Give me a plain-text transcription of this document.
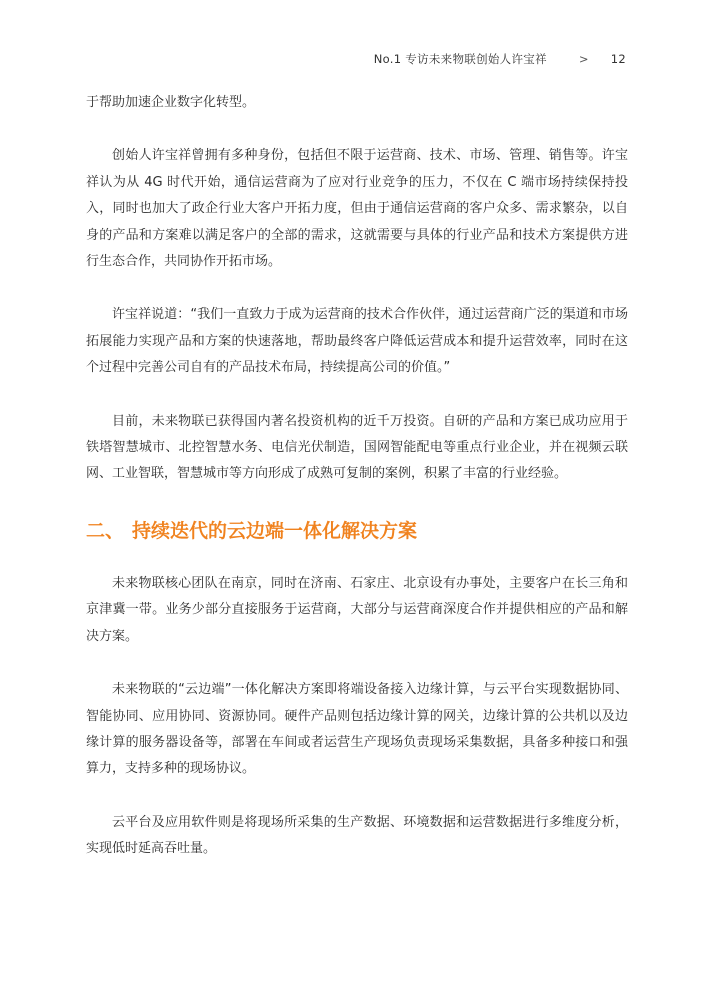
No.1 专访未来物联创始人许宝祥	> 12

于帮助加速企业数字化转型。

创始人许宝祥曾拥有多种身份，包括但不限于运营商、技术、市场、管理、销售等。许宝祥认为从 4G 时代开始，通信运营商为了应对行业竞争的压力，不仅在 C 端市场持续保持投入，同时也加大了政企行业大客户开拓力度，但由于通信运营商的客户众多、需求繁杂，以自身的产品和方案难以满足客户的全部的需求，这就需要与具体的行业产品和技术方案提供方进行生态合作，共同协作开拓市场。

许宝祥说道：“我们一直致力于成为运营商的技术合作伙伴，通过运营商广泛的渠道和市场拓展能力实现产品和方案的快速落地，帮助最终客户降低运营成本和提升运营效率，同时在这个过程中完善公司自有的产品技术布局，持续提高公司的价值。”

目前，未来物联已获得国内著名投资机构的近千万投资。自研的产品和方案已成功应用于铁塔智慧城市、北控智慧水务、电信光伏制造，国网智能配电等重点行业企业，并在视频云联网、工业智联，智慧城市等方向形成了成熟可复制的案例，积累了丰富的行业经验。

二、 持续迭代的云边端一体化解决方案

未来物联核心团队在南京，同时在济南、石家庄、北京设有办事处，主要客户在长三角和京津冀一带。业务少部分直接服务于运营商，大部分与运营商深度合作并提供相应的产品和解决方案。

未来物联的“云边端”一体化解决方案即将端设备接入边缘计算，与云平台实现数据协同、智能协同、应用协同、资源协同。硬件产品则包括边缘计算的网关，边缘计算的公共机以及边缘计算的服务器设备等，部署在车间或者运营生产现场负责现场采集数据，具备多种接口和强算力，支持多种的现场协议。

云平台及应用软件则是将现场所采集的生产数据、环境数据和运营数据进行多维度分析，实现低时延高吞吐量。
